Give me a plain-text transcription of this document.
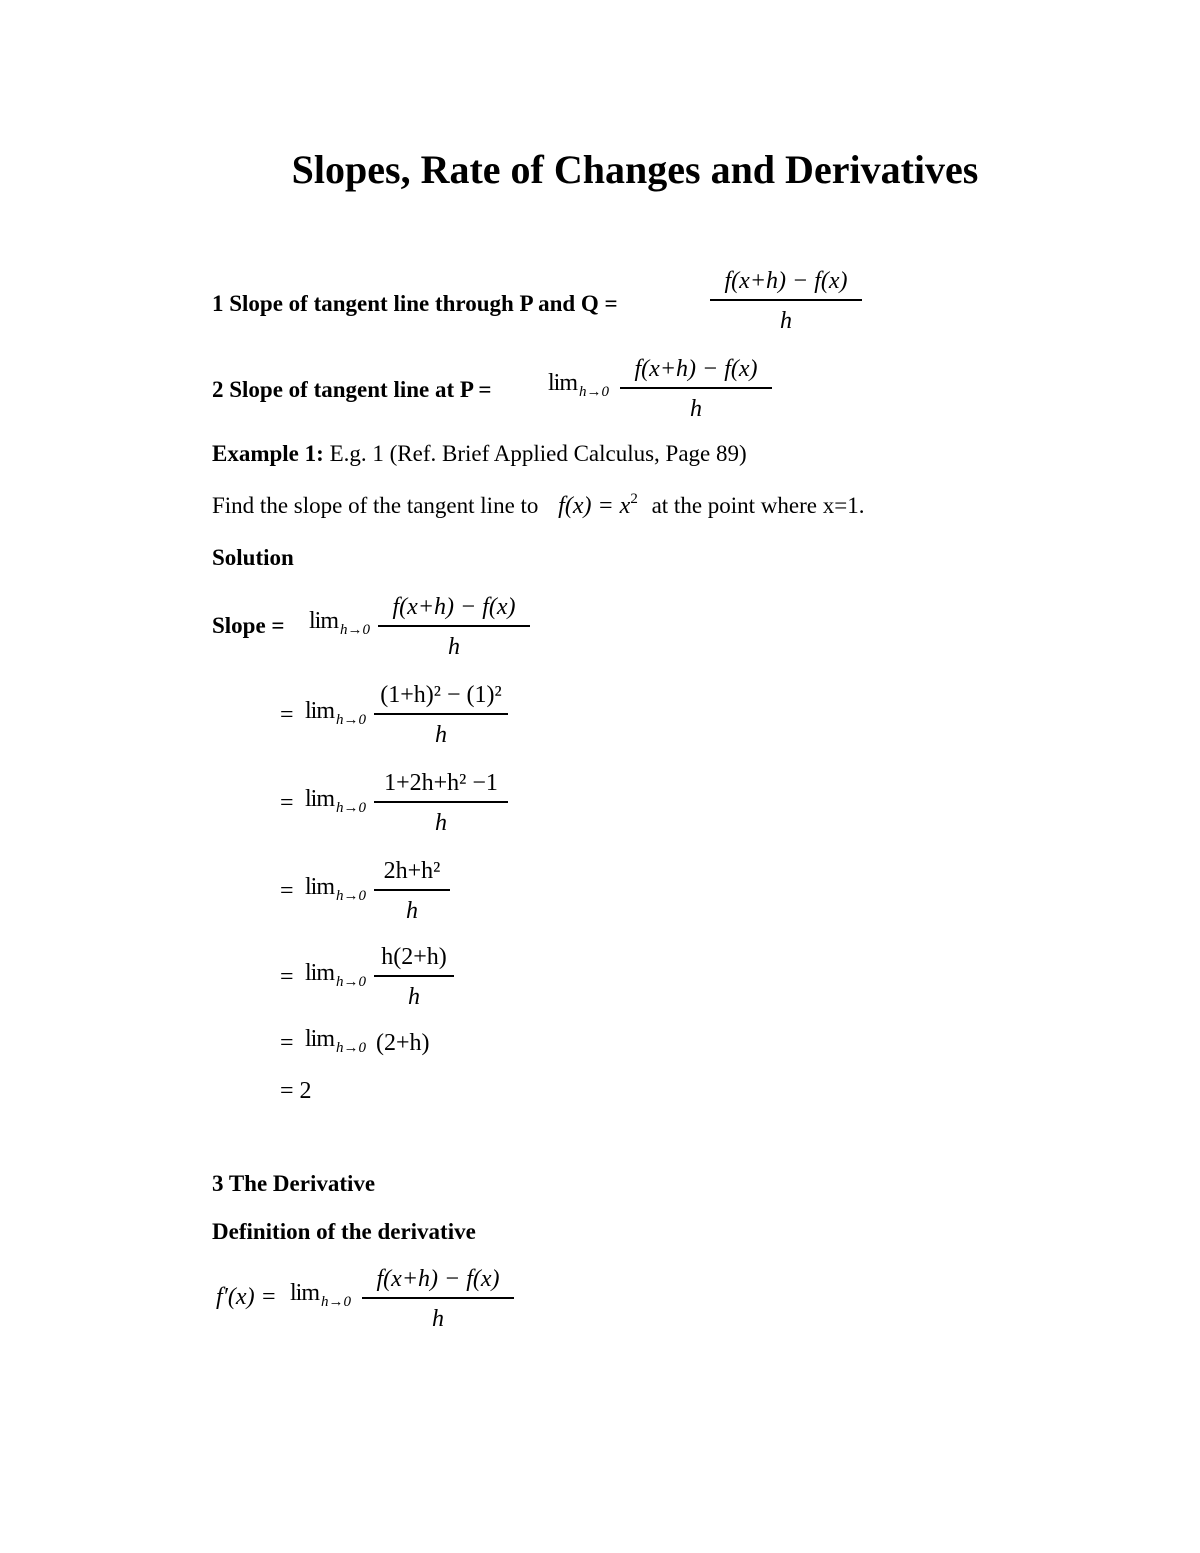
Slopes, Rate of Changes and Derivatives
1 Slope of tangent line through P and Q =
f(x+h) − f(x)
h
2 Slope of tangent line at P = lim h→0
f(x+h) − f(x)
h
Example 1: E.g. 1 (Ref. Brief Applied Calculus, Page 89)
Find the slope of the tangent line to $f(x) = x^2$ at the point where x=1.
Solution
Slope = lim h→0
f(x+h) − f(x)
h
= lim h→0
(1+h)² − (1)²
h
= lim h→0
1+2h+h² −1
h
= lim h→0
2h+h²
h
= lim h→0
h(2+h)
h
= lim h→0 (2+h)
= 2
3 The Derivative
Definition of the derivative
f′(x) = lim h→0
f(x+h) − f(x)
h
